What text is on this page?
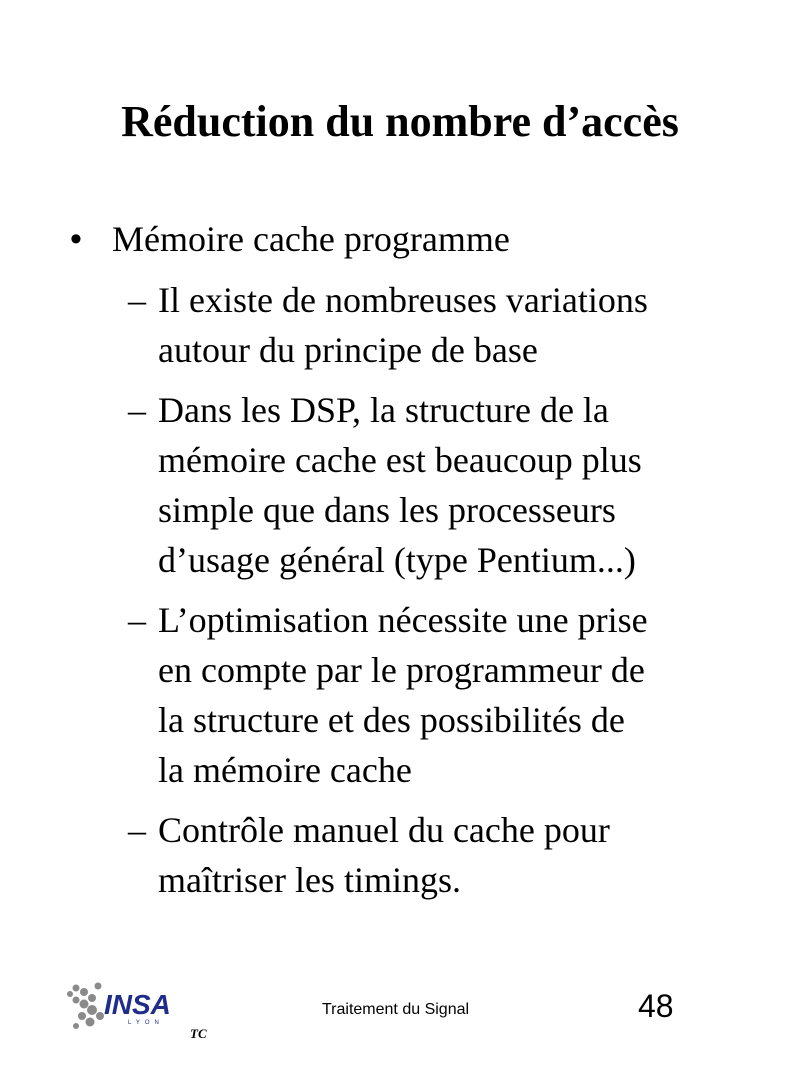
Réduction du nombre d’accès
• Mémoire cache programme
– Il existe de nombreuses variations
autour du principe de base
– Dans les DSP, la structure de la
mémoire cache est beaucoup plus
simple que dans les processeurs
d’usage général (type Pentium...)
– L’optimisation nécessite une prise
en compte par le programmeur de
la structure et des possibilités de
la mémoire cache
– Contrôle manuel du cache pour
maîtriser les timings.
INSA
LYON
TC
Traitement du Signal	48
